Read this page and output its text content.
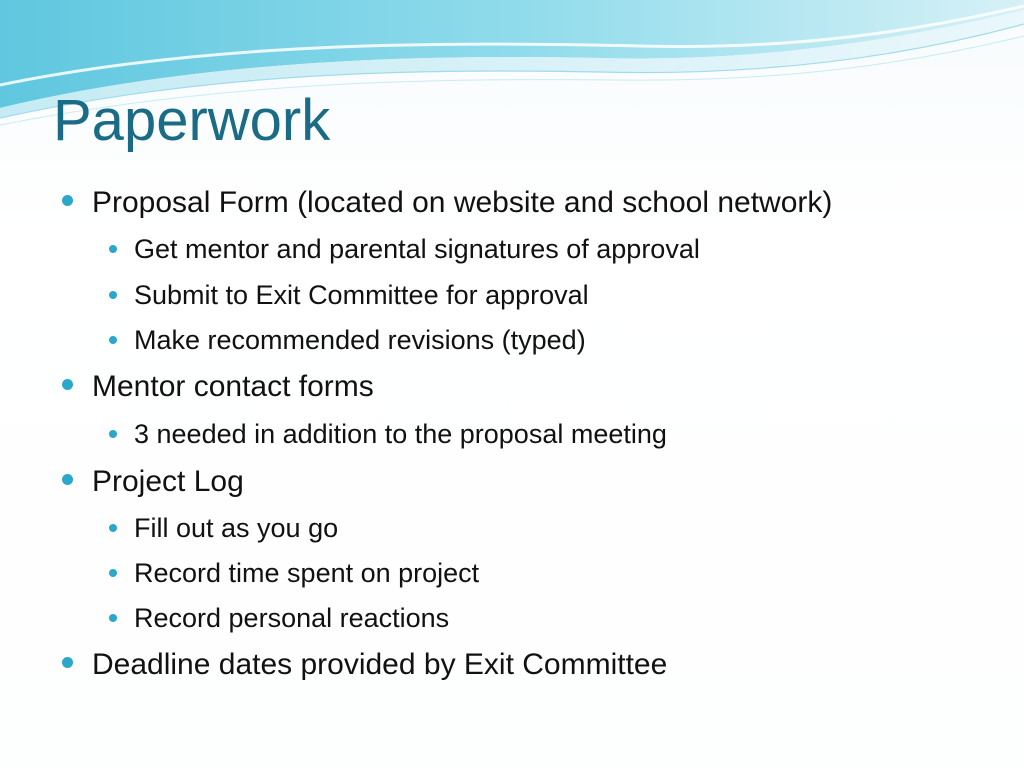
Paperwork
Proposal Form (located on website and school network)
Get mentor and parental signatures of approval
Submit to Exit Committee for approval
Make recommended revisions (typed)
Mentor contact forms
3 needed in addition to the proposal meeting
Project Log
Fill out as you go
Record time spent on project
Record personal reactions
Deadline dates provided by Exit Committee
